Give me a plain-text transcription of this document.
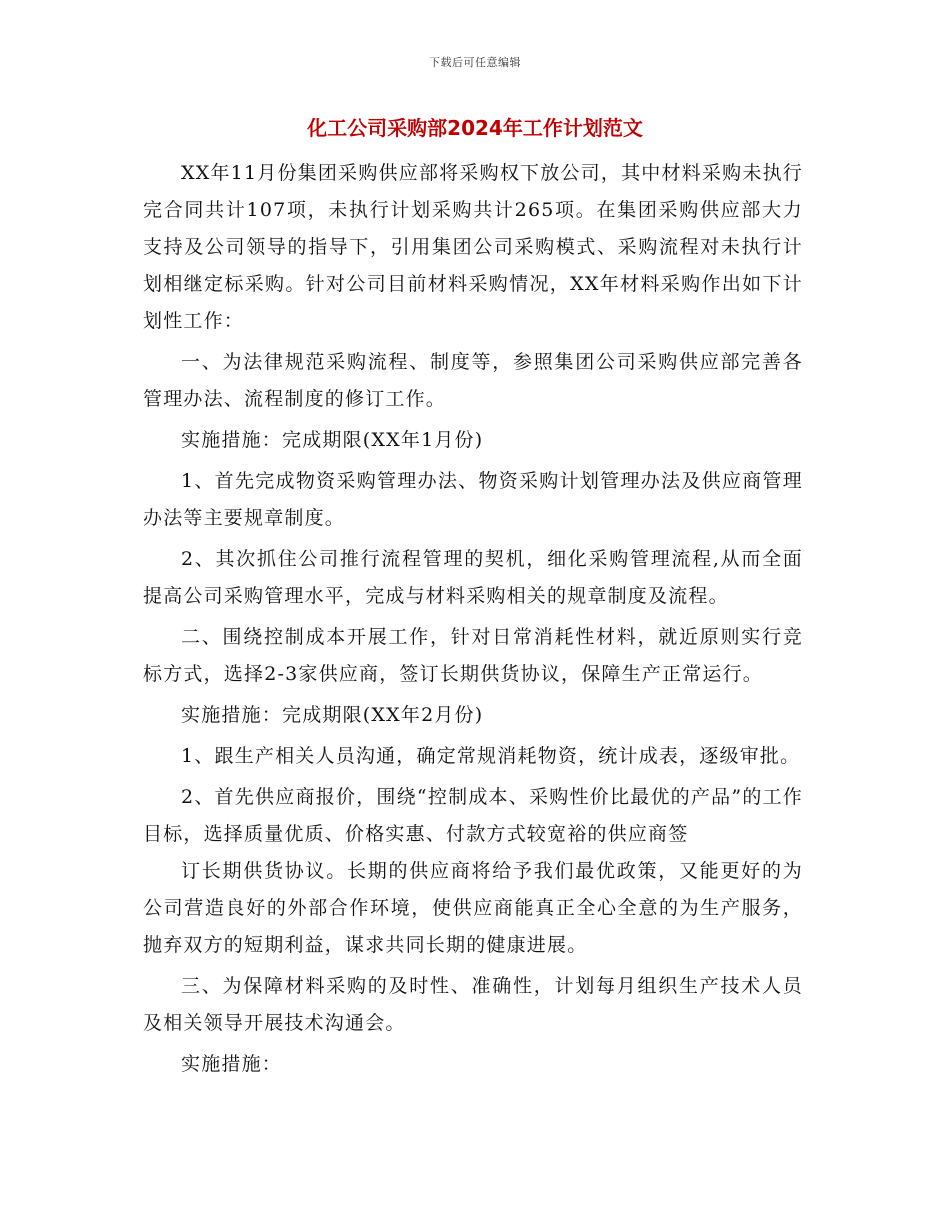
下载后可任意编辑
化工公司采购部2024年工作计划范文

XX年11月份集团采购供应部将采购权下放公司，其中材料采购未执行完合同共计107项，未执行计划采购共计265项。在集团采购供应部大力支持及公司领导的指导下，引用集团公司采购模式、采购流程对未执行计划相继定标采购。针对公司目前材料采购情况，XX年材料采购作出如下计划性工作：

一、为法律规范采购流程、制度等，参照集团公司采购供应部完善各管理办法、流程制度的修订工作。

实施措施：完成期限(XX年1月份)

1、首先完成物资采购管理办法、物资采购计划管理办法及供应商管理办法等主要规章制度。

2、其次抓住公司推行流程管理的契机，细化采购管理流程,从而全面提高公司采购管理水平，完成与材料采购相关的规章制度及流程。

二、围绕控制成本开展工作，针对日常消耗性材料，就近原则实行竞标方式，选择2-3家供应商，签订长期供货协议，保障生产正常运行。

实施措施：完成期限(XX年2月份)

1、跟生产相关人员沟通，确定常规消耗物资，统计成表，逐级审批。

2、首先供应商报价，围绕“控制成本、采购性价比最优的产品”的工作目标，选择质量优质、价格实惠、付款方式较宽裕的供应商签

订长期供货协议。长期的供应商将给予我们最优政策，又能更好的为公司营造良好的外部合作环境，使供应商能真正全心全意的为生产服务，抛弃双方的短期利益，谋求共同长期的健康进展。

三、为保障材料采购的及时性、准确性，计划每月组织生产技术人员及相关领导开展技术沟通会。

实施措施：
